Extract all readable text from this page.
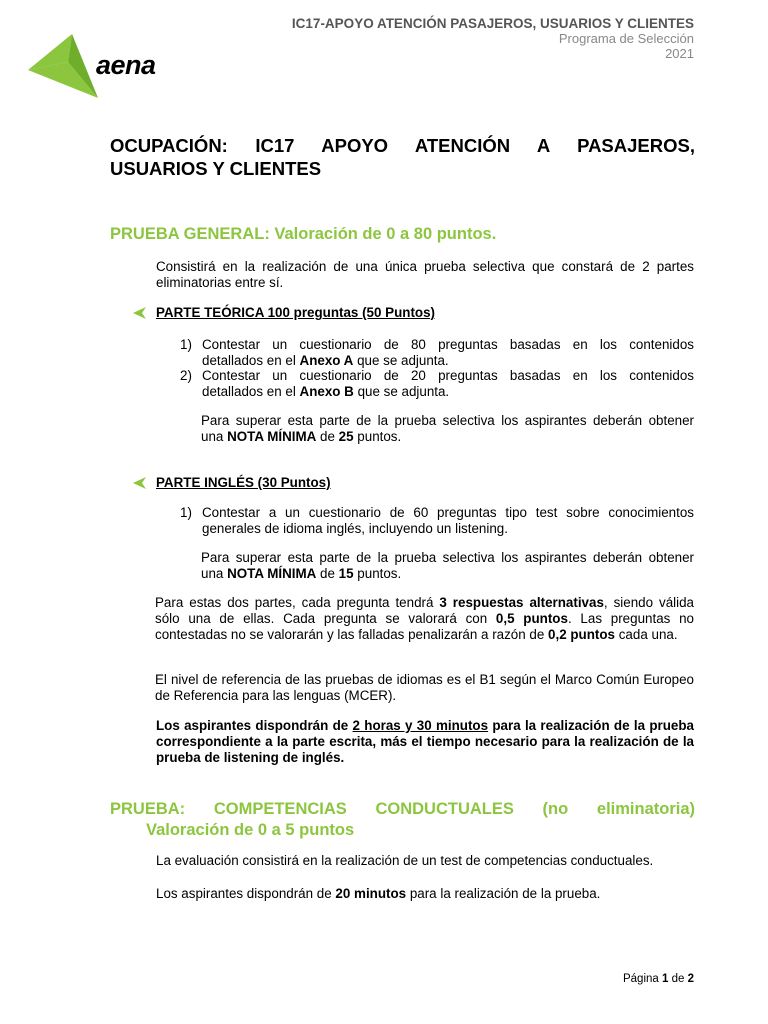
aena
IC17-APOYO ATENCIÓN PASAJEROS, USUARIOS Y CLIENTES
Programa de Selección
2021
OCUPACIÓN: IC17 APOYO ATENCIÓN A PASAJEROS,
USUARIOS Y CLIENTES
PRUEBA GENERAL: Valoración de 0 a 80 puntos.
Consistirá en la realización de una única prueba selectiva que constará de 2 partes eliminatorias entre sí.
PARTE TEÓRICA 100 preguntas (50 Puntos)
1) Contestar un cuestionario de 80 preguntas basadas en los contenidos
detallados en el Anexo A que se adjunta.
2) Contestar un cuestionario de 20 preguntas basadas en los contenidos
detallados en el Anexo B que se adjunta.
Para superar esta parte de la prueba selectiva los aspirantes deberán obtener
una NOTA MÍNIMA de 25 puntos.
PARTE INGLÉS (30 Puntos)
1) Contestar a un cuestionario de 60 preguntas tipo test sobre conocimientos
generales de idioma inglés, incluyendo un listening.
Para superar esta parte de la prueba selectiva los aspirantes deberán obtener
una NOTA MÍNIMA de 15 puntos.
Para estas dos partes, cada pregunta tendrá 3 respuestas alternativas, siendo válida sólo una de ellas. Cada pregunta se valorará con 0,5 puntos. Las preguntas no contestadas no se valorarán y las falladas penalizarán a razón de 0,2 puntos cada una.
El nivel de referencia de las pruebas de idiomas es el B1 según el Marco Común Europeo de Referencia para las lenguas (MCER).
Los aspirantes dispondrán de 2 horas y 30 minutos para la realización de la prueba correspondiente a la parte escrita, más el tiempo necesario para la realización de la prueba de listening de inglés.
PRUEBA: COMPETENCIAS CONDUCTUALES (no eliminatoria)
Valoración de 0 a 5 puntos
La evaluación consistirá en la realización de un test de competencias conductuales.
Los aspirantes dispondrán de 20 minutos para la realización de la prueba.
Página 1 de 2
